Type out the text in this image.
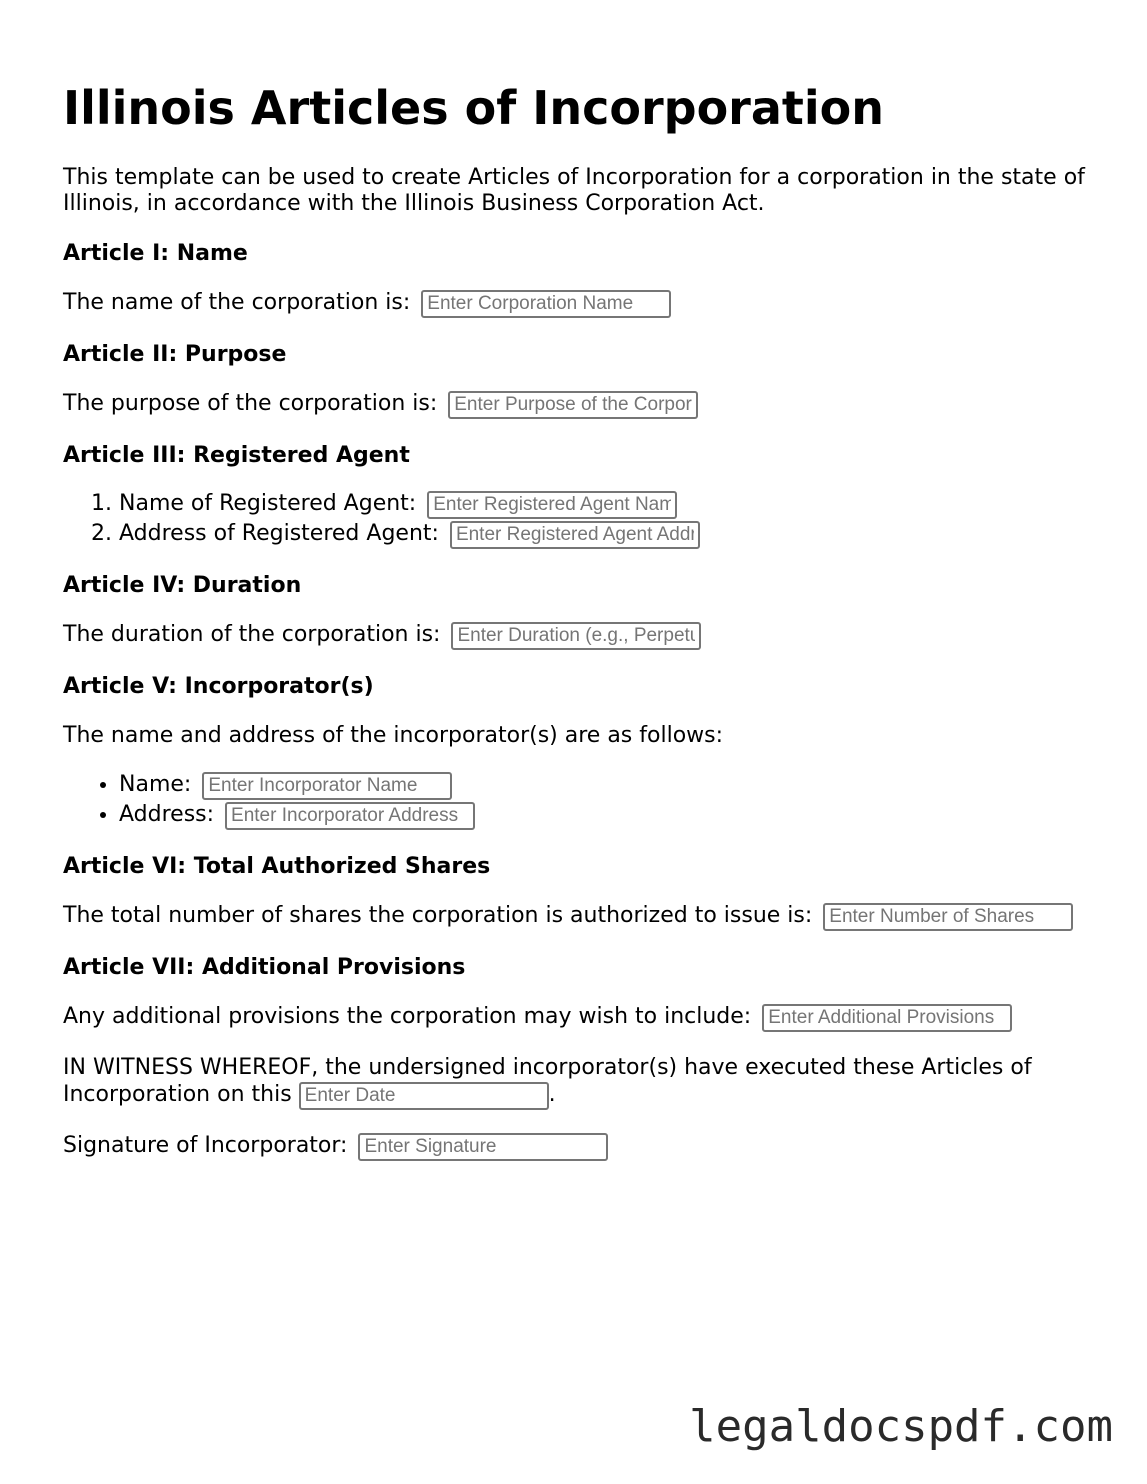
Illinois Articles of Incorporation

This template can be used to create Articles of Incorporation for a corporation in the state of Illinois, in accordance with the Illinois Business Corporation Act.

Article I: Name

The name of the corporation is: Enter Corporation Name

Article II: Purpose

The purpose of the corporation is: Enter Purpose of the Corporation

Article III: Registered Agent
1. Name of Registered Agent: Enter Registered Agent Name
2. Address of Registered Agent: Enter Registered Agent Address
Article IV: Duration

The duration of the corporation is: Enter Duration (e.g., Perpetual)

Article V: Incorporator(s)

The name and address of the incorporator(s) are as follows:

• Name: Enter Incorporator Name
• Address: Enter Incorporator Address
Article VI: Total Authorized Shares

The total number of shares the corporation is authorized to issue is: Enter Number of Shares

Article VII: Additional Provisions

Any additional provisions the corporation may wish to include: Enter Additional Provisions

IN WITNESS WHEREOF, the undersigned incorporator(s) have executed these Articles of Incorporation on this Enter Date	.

Signature of Incorporator: Enter Signature

legaldocspdf.com
